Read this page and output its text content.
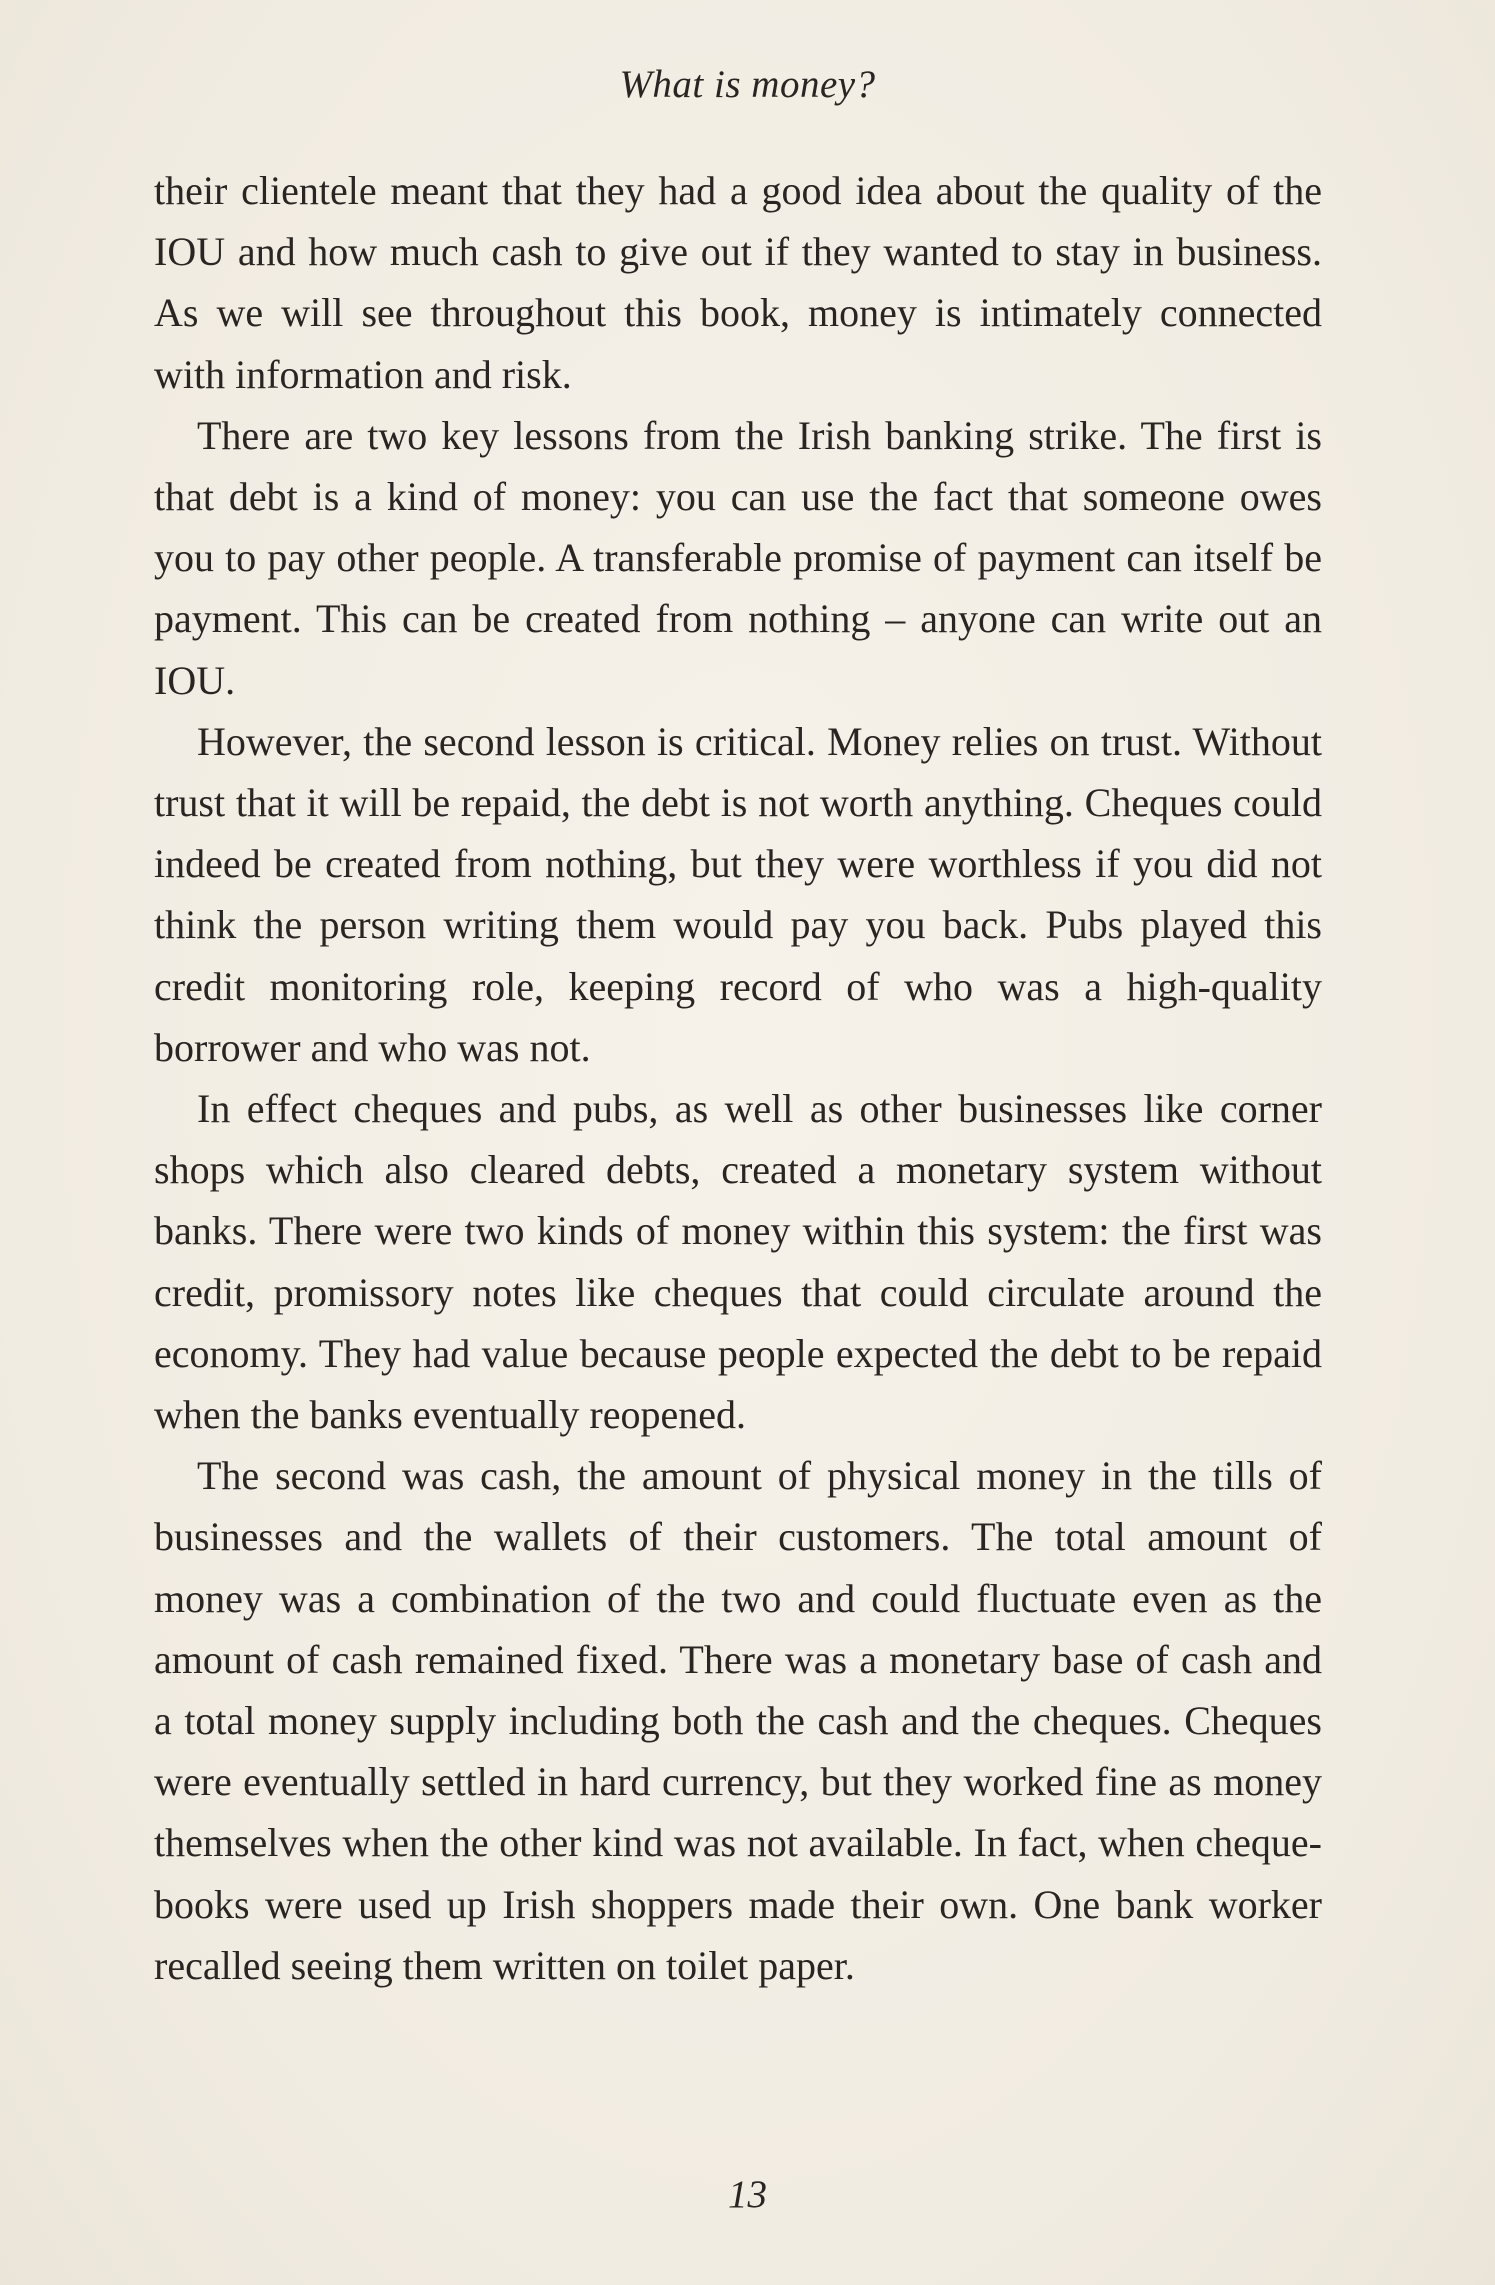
What is money?

their clientele meant that they had a good idea about the quality of the IOU and how much cash to give out if they wanted to stay in business. As we will see throughout this book, money is intimately connected with information and risk.

There are two key lessons from the Irish banking strike. The first is that debt is a kind of money: you can use the fact that someone owes you to pay other people. A transferable promise of payment can itself be payment. This can be created from nothing – anyone can write out an IOU.

However, the second lesson is critical. Money relies on trust. Without trust that it will be repaid, the debt is not worth anything. Cheques could indeed be created from nothing, but they were worthless if you did not think the person writing them would pay you back. Pubs played this credit monitoring role, keeping record of who was a high-quality borrower and who was not.

In effect cheques and pubs, as well as other businesses like corner shops which also cleared debts, created a monetary system without banks. There were two kinds of money within this system: the first was credit, promissory notes like cheques that could circulate around the economy. They had value because people expected the debt to be repaid when the banks eventually reopened.

The second was cash, the amount of physical money in the tills of businesses and the wallets of their customers. The total amount of money was a combination of the two and could fluctuate even as the amount of cash remained fixed. There was a monetary base of cash and a total money supply including both the cash and the cheques. Cheques were eventually settled in hard currency, but they worked fine as money themselves when the other kind was not available. In fact, when cheque-books were used up Irish shoppers made their own. One bank worker recalled seeing them written on toilet paper.

13
